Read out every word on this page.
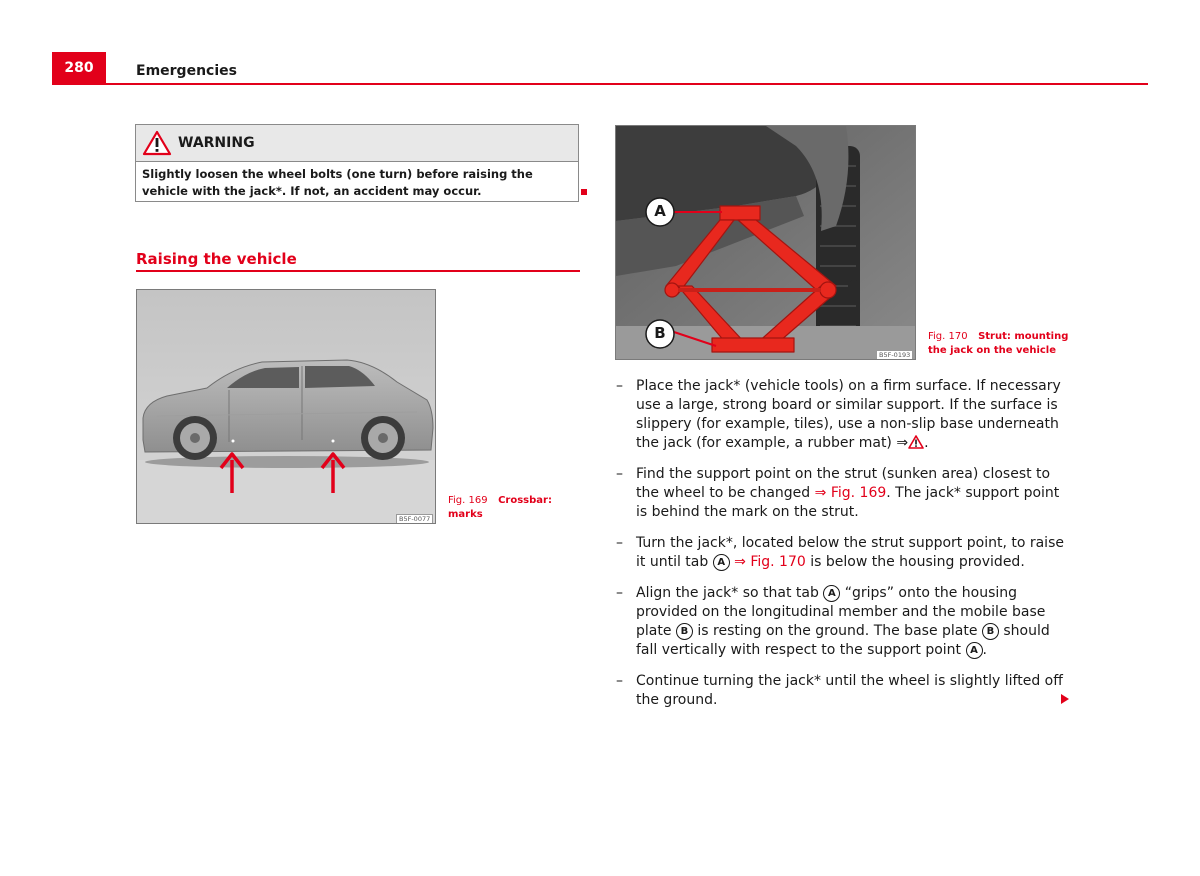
280	Emergencies
WARNING
Slightly loosen the wheel bolts (one turn) before raising the vehicle with the jack*. If not, an accident may occur.
Raising the vehicle
B5F-0077
Fig. 169 Crossbar: marks
A
B
B5F-0193
Fig. 170 Strut: mounting the jack on the vehicle
– Place the jack* (vehicle tools) on a firm surface. If necessary use a large, strong board or similar support. If the surface is slippery (for example, tiles), use a non-slip base underneath the jack (for example, a rubber mat) ⇒ .
– Find the support point on the strut (sunken area) closest to the wheel to be changed ⇒ Fig. 169. The jack* support point is behind the mark on the strut.
– Turn the jack*, located below the strut support point, to raise it until tab A ⇒ Fig. 170 is below the housing provided.
– Align the jack* so that tab A “grips” onto the housing provided on the longitudinal member and the mobile base plate B is resting on the ground. The base plate B should fall vertically with respect to the support point A .
– Continue turning the jack* until the wheel is slightly lifted off the ground.
